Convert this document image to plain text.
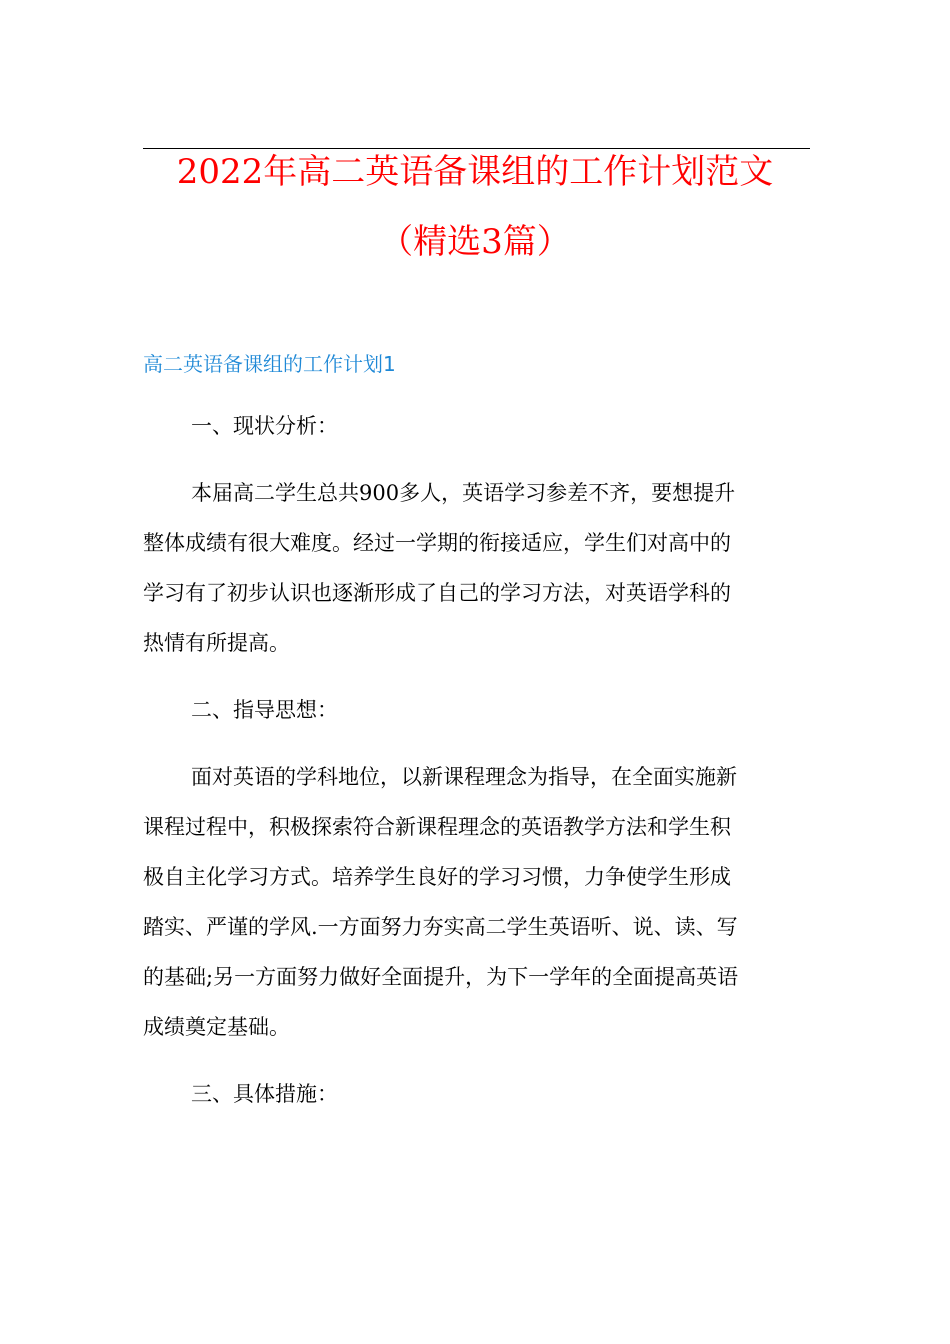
2022年高二英语备课组的工作计划范文
（精选3篇）
高二英语备课组的工作计划1
一、现状分析：
本届高二学生总共900多人，英语学习参差不齐，要想提升
整体成绩有很大难度。经过一学期的衔接适应，学生们对高中的
学习有了初步认识也逐渐形成了自己的学习方法，对英语学科的
热情有所提高。
二、指导思想：
面对英语的学科地位，以新课程理念为指导，在全面实施新
课程过程中，积极探索符合新课程理念的英语教学方法和学生积
极自主化学习方式。培养学生良好的学习习惯，力争使学生形成
踏实、严谨的学风.一方面努力夯实高二学生英语听、说、读、写
的基础;另一方面努力做好全面提升，为下一学年的全面提高英语
成绩奠定基础。
三、具体措施：
